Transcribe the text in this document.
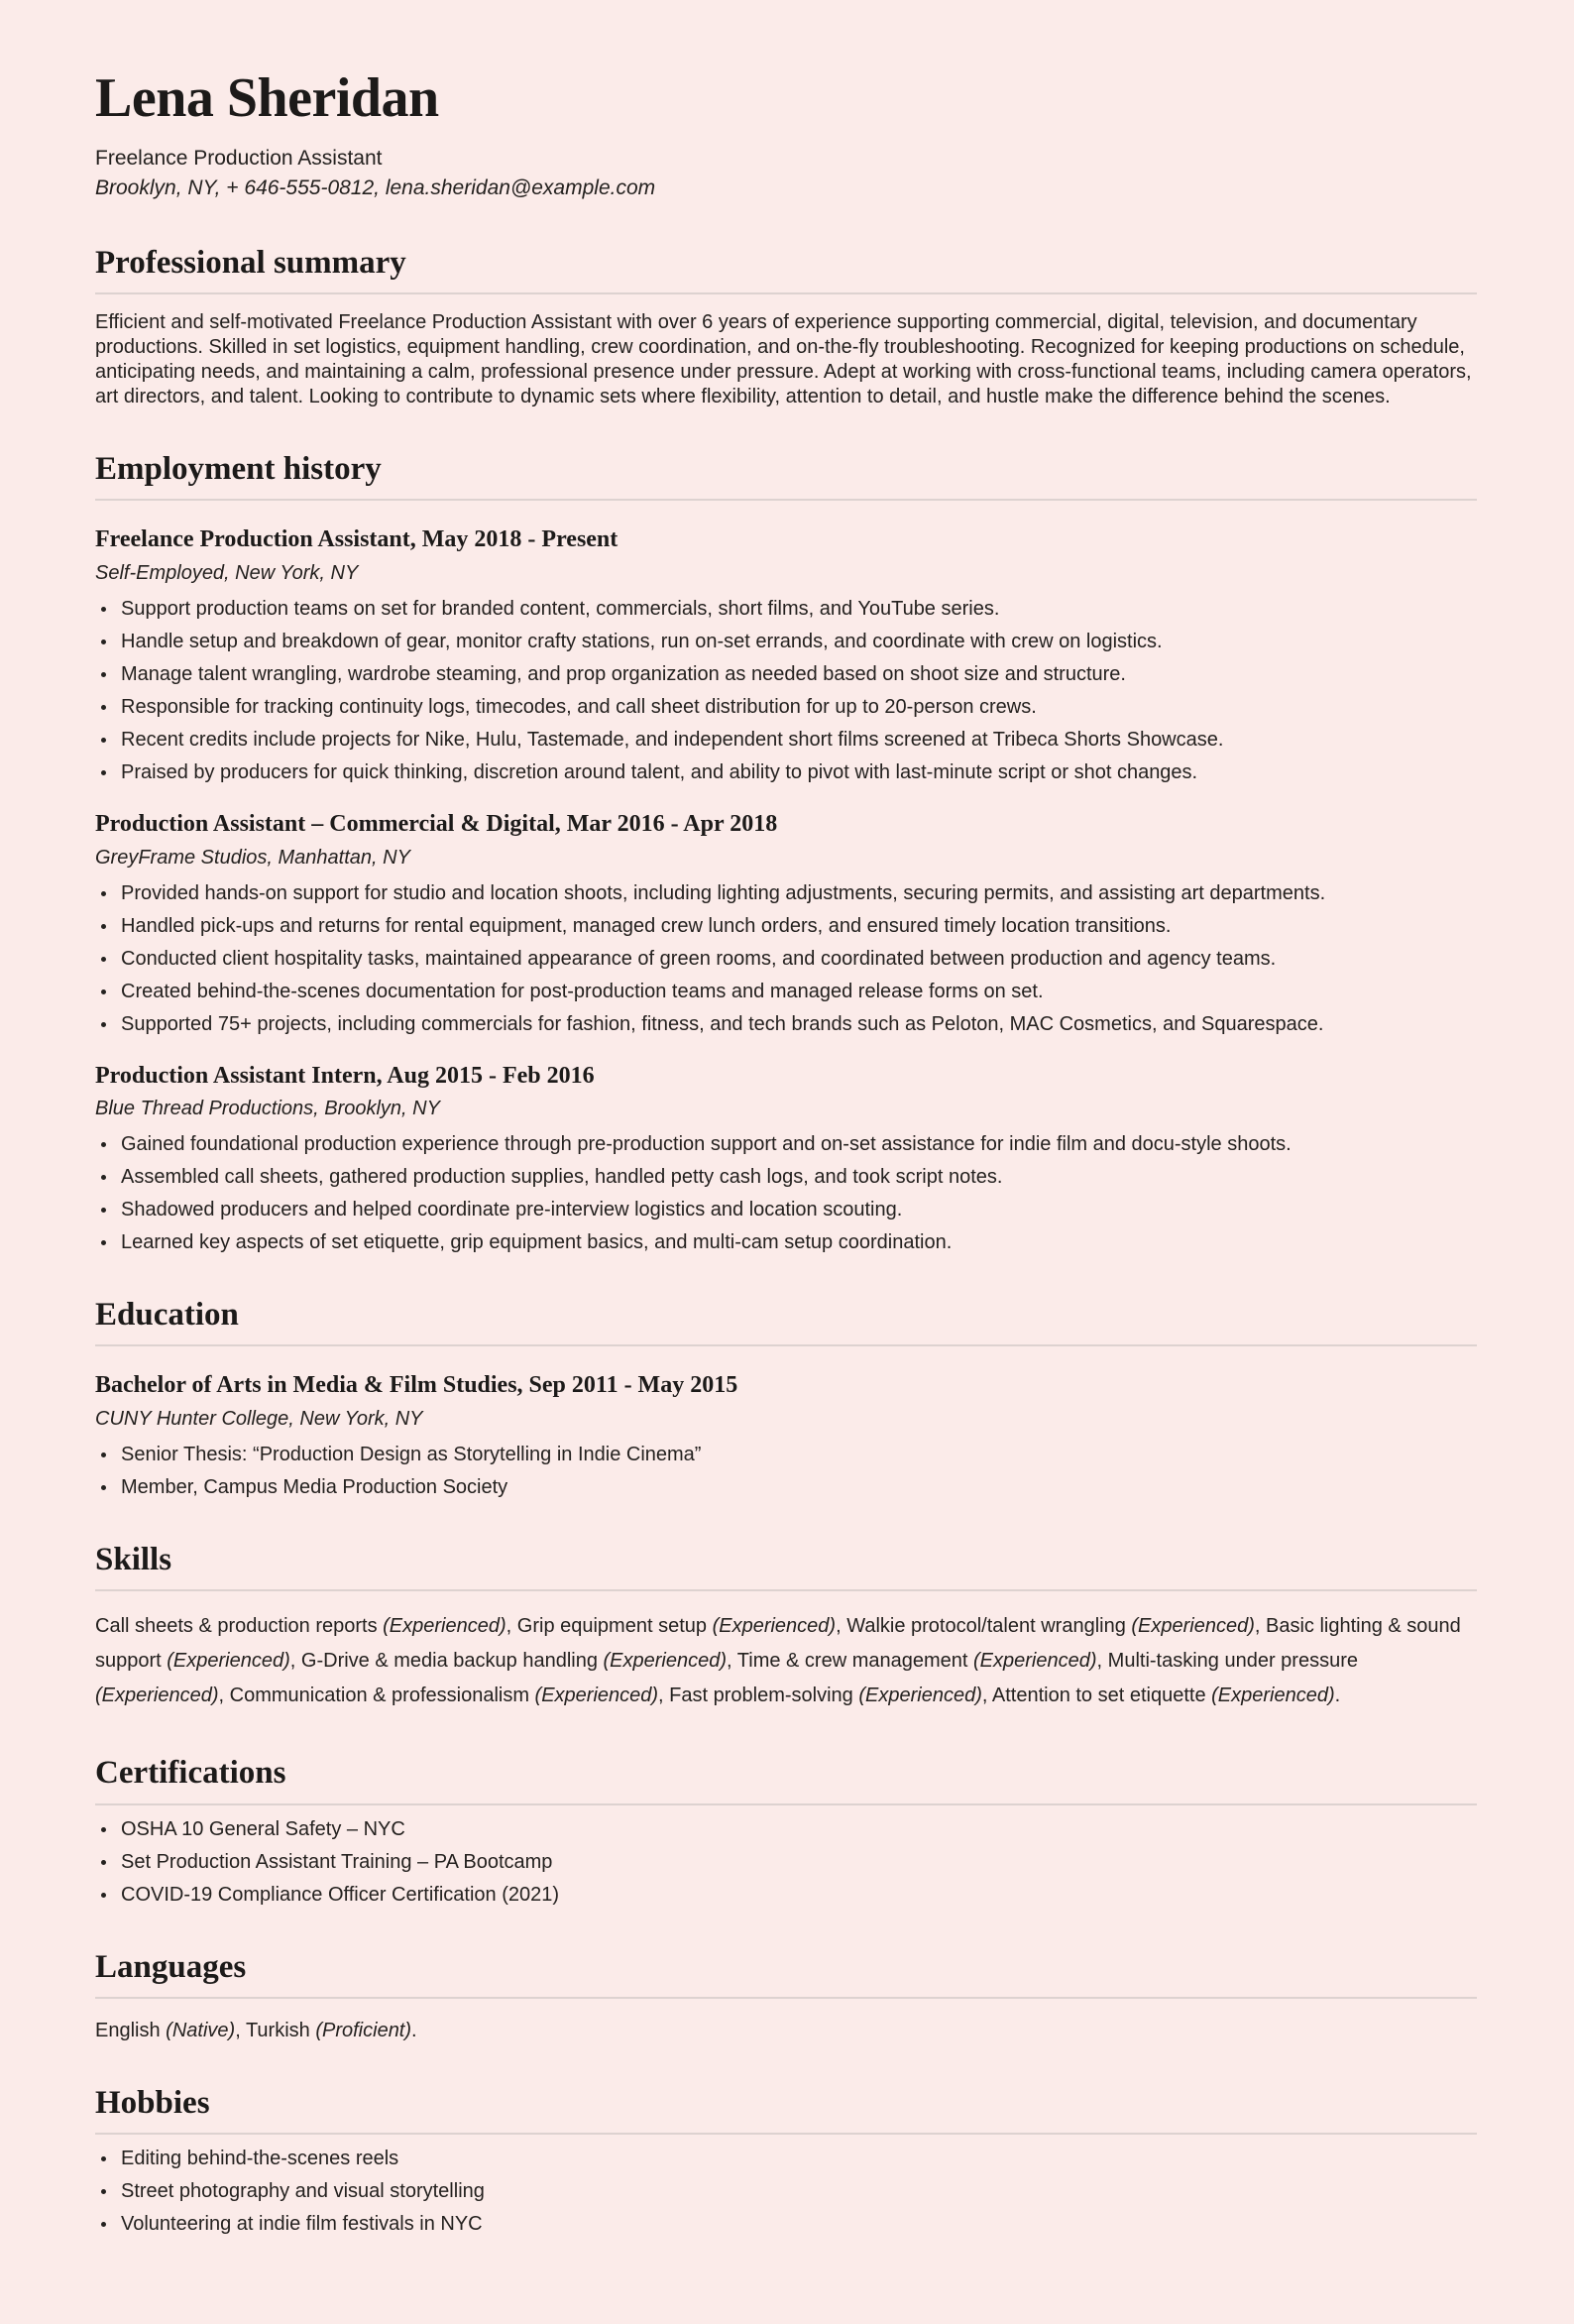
Lena Sheridan

Freelance Production Assistant

Brooklyn, NY, + 646-555-0812, lena.sheridan@example.com

Professional summary

Efficient and self-motivated Freelance Production Assistant with over 6 years of experience supporting commercial, digital, television, and documentary productions. Skilled in set logistics, equipment handling, crew coordination, and on-the-fly troubleshooting. Recognized for keeping productions on schedule, anticipating needs, and maintaining a calm, professional presence under pressure. Adept at working with cross-functional teams, including camera operators, art directors, and talent. Looking to contribute to dynamic sets where flexibility, attention to detail, and hustle make the difference behind the scenes.

Employment history
Freelance Production Assistant, May 2018 - Present

Self-Employed, New York, NY

Support production teams on set for branded content, commercials, short films, and YouTube series.
Handle setup and breakdown of gear, monitor crafty stations, run on-set errands, and coordinate with crew on logistics.
Manage talent wrangling, wardrobe steaming, and prop organization as needed based on shoot size and structure.
Responsible for tracking continuity logs, timecodes, and call sheet distribution for up to 20-person crews.
Recent credits include projects for Nike, Hulu, Tastemade, and independent short films screened at Tribeca Shorts Showcase.
Praised by producers for quick thinking, discretion around talent, and ability to pivot with last-minute script or shot changes.
Production Assistant – Commercial & Digital, Mar 2016 - Apr 2018

GreyFrame Studios, Manhattan, NY

Provided hands-on support for studio and location shoots, including lighting adjustments, securing permits, and assisting art departments.
Handled pick-ups and returns for rental equipment, managed crew lunch orders, and ensured timely location transitions.
Conducted client hospitality tasks, maintained appearance of green rooms, and coordinated between production and agency teams.
Created behind-the-scenes documentation for post-production teams and managed release forms on set.
Supported 75+ projects, including commercials for fashion, fitness, and tech brands such as Peloton, MAC Cosmetics, and Squarespace.
Production Assistant Intern, Aug 2015 - Feb 2016

Blue Thread Productions, Brooklyn, NY

Gained foundational production experience through pre-production support and on-set assistance for indie film and docu-style shoots.
Assembled call sheets, gathered production supplies, handled petty cash logs, and took script notes.
Shadowed producers and helped coordinate pre-interview logistics and location scouting.
Learned key aspects of set etiquette, grip equipment basics, and multi-cam setup coordination.
Education
Bachelor of Arts in Media & Film Studies, Sep 2011 - May 2015

CUNY Hunter College, New York, NY

Senior Thesis: “Production Design as Storytelling in Indie Cinema”
Member, Campus Media Production Society
Skills

Call sheets & production reports (Experienced), Grip equipment setup (Experienced), Walkie protocol/talent wrangling (Experienced), Basic lighting & sound support (Experienced), G-Drive & media backup handling (Experienced), Time & crew management (Experienced), Multi-tasking under pressure (Experienced), Communication & professionalism (Experienced), Fast problem-solving (Experienced), Attention to set etiquette (Experienced).

Certifications
OSHA 10 General Safety – NYC
Set Production Assistant Training – PA Bootcamp
COVID-19 Compliance Officer Certification (2021)
Languages

English (Native), Turkish (Proficient).

Hobbies
Editing behind-the-scenes reels
Street photography and visual storytelling
Volunteering at indie film festivals in NYC
